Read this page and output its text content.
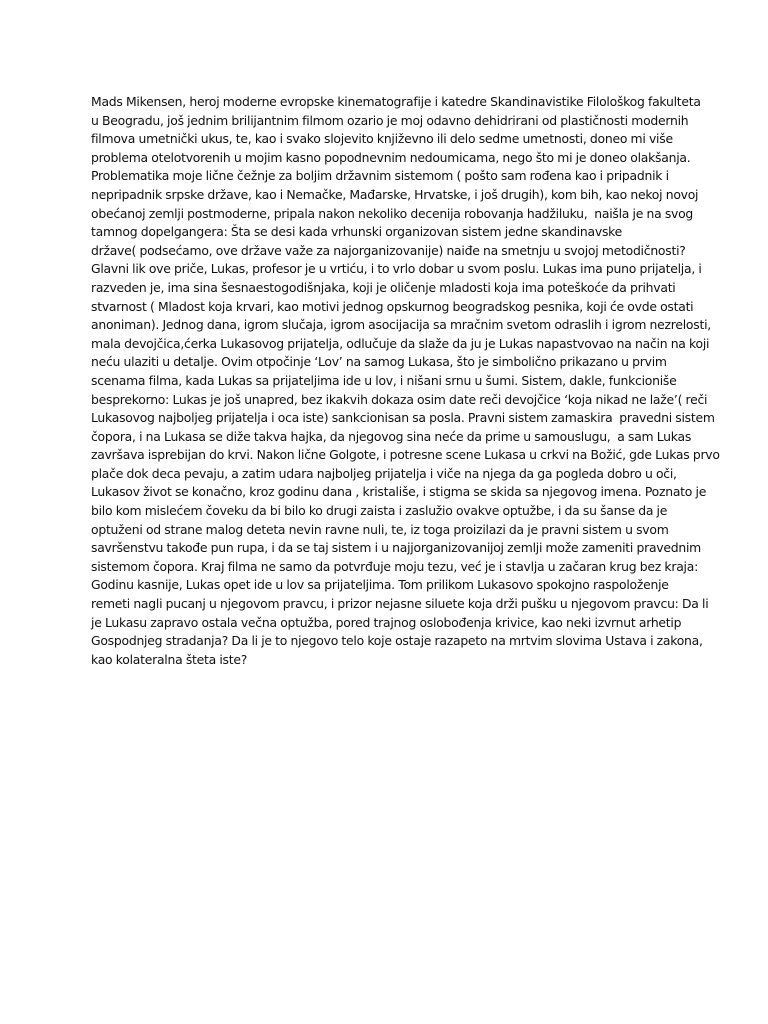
Mads Mikensen, heroj moderne evropske kinematografije i katedre Skandinavistike Filološkog fakulteta
u Beogradu, još jednim brilijantnim filmom ozario je moj odavno dehidrirani od plastičnosti modernih
filmova umetnički ukus, te, kao i svako slojevito književno ili delo sedme umetnosti, doneo mi više
problema otelotvorenih u mojim kasno popodnevnim nedoumicama, nego što mi je doneo olakšanja.
Problematika moje lične čežnje za boljim državnim sistemom ( pošto sam rođena kao i pripadnik i
nepripadnik srpske države, kao i Nemačke, Mađarske, Hrvatske, i još drugih), kom bih, kao nekoj novoj
obećanoj zemlji postmoderne, pripala nakon nekoliko decenija robovanja hadžiluku,  naišla je na svog
tamnog dopelgangera: Šta se desi kada vrhunski organizovan sistem jedne skandinavske
države( podsećamo, ove države važe za najorganizovanije) naiđe na smetnju u svojoj metodičnosti?
Glavni lik ove priče, Lukas, profesor je u vrtiću, i to vrlo dobar u svom poslu. Lukas ima puno prijatelja, i
razveden je, ima sina šesnaestogodišnjaka, koji je oličenje mladosti koja ima poteškoće da prihvati
stvarnost ( Mladost koja krvari, kao motivi jednog opskurnog beogradskog pesnika, koji će ovde ostati
anoniman). Jednog dana, igrom slučaja, igrom asocijacija sa mračnim svetom odraslih i igrom nezrelosti,
mala devojčica,ćerka Lukasovog prijatelja, odlučuje da slaže da ju je Lukas napastvovao na način na koji
neću ulaziti u detalje. Ovim otpočinje ‘Lov’ na samog Lukasa, što je simbolično prikazano u prvim
scenama filma, kada Lukas sa prijateljima ide u lov, i nišani srnu u šumi. Sistem, dakle, funkcioniše
besprekorno: Lukas je još unapred, bez ikakvih dokaza osim date reči devojčice ‘koja nikad ne laže’( reči
Lukasovog najboljeg prijatelja i oca iste) sankcionisan sa posla. Pravni sistem zamaskira  pravedni sistem
čopora, i na Lukasa se diže takva hajka, da njegovog sina neće da prime u samouslugu,  a sam Lukas
završava isprebijan do krvi. Nakon lične Golgote, i potresne scene Lukasa u crkvi na Božić, gde Lukas prvo
plače dok deca pevaju, a zatim udara najboljeg prijatelja i viče na njega da ga pogleda dobro u oči,
Lukasov život se konačno, kroz godinu dana , kristališe, i stigma se skida sa njegovog imena. Poznato je
bilo kom mislećem čoveku da bi bilo ko drugi zaista i zaslužio ovakve optužbe, i da su šanse da je
optuženi od strane malog deteta nevin ravne nuli, te, iz toga proizilazi da je pravni sistem u svom
savršenstvu takođe pun rupa, i da se taj sistem i u najjorganizovanijoj zemlji može zameniti pravednim
sistemom čopora. Kraj filma ne samo da potvrđuje moju tezu, već je i stavlja u začaran krug bez kraja:
Godinu kasnije, Lukas opet ide u lov sa prijateljima. Tom prilikom Lukasovo spokojno raspoloženje
remeti nagli pucanj u njegovom pravcu, i prizor nejasne siluete koja drži pušku u njegovom pravcu: Da li
je Lukasu zapravo ostala večna optužba, pored trajnog oslobođenja krivice, kao neki izvrnut arhetip
Gospodnjeg stradanja? Da li je to njegovo telo koje ostaje razapeto na mrtvim slovima Ustava i zakona,
kao kolateralna šteta iste?
